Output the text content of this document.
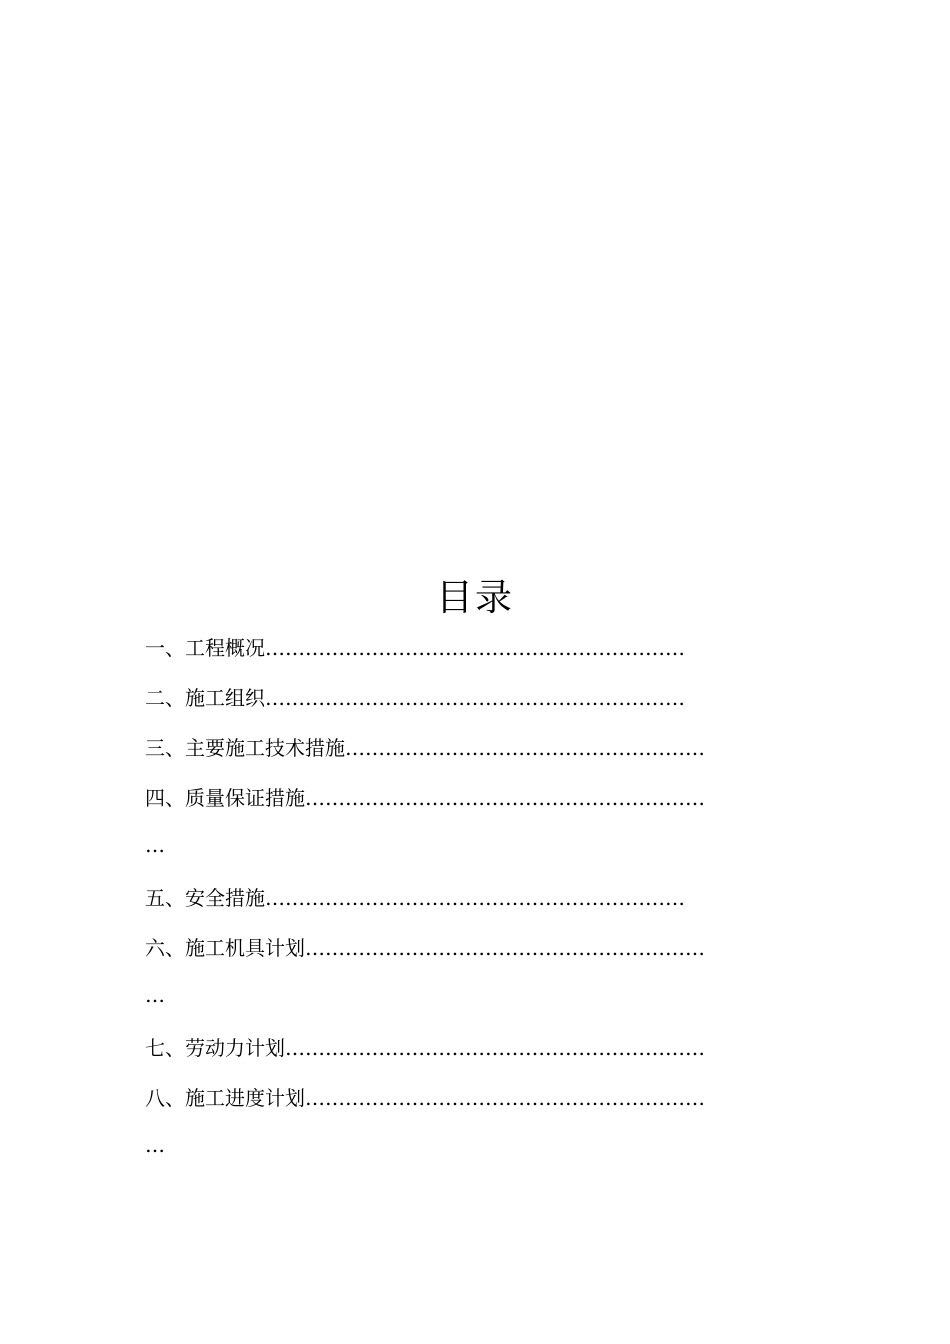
目录
一、工程概况………………………………………………………
二、施工组织………………………………………………………
三、主要施工技术措施………………………………………………
四、质量保证措施……………………………………………………
…
五、安全措施………………………………………………………
六、施工机具计划……………………………………………………
…
七、劳动力计划………………………………………………………
八、施工进度计划……………………………………………………
…
